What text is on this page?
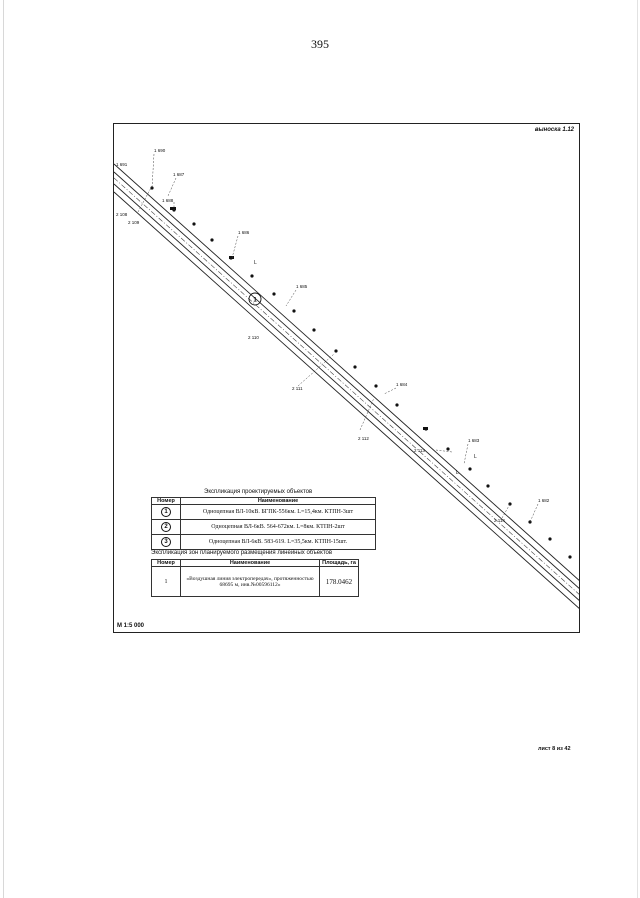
395
1
1 691
1 690
1 687
1 688
2 108
2 109
1 686
1 685
2 110
2 111
1 684
2 112	1 683
2 113
1 682
2 114
L
L
L
выноска 1.12
Экспликация проектируемых объектов
Номер	Наименование
1	Одноцепная ВЛ-10кВ. БГПК-556км. L=15,4км. КТПН-3шт
2	Одноцепная ВЛ-6кВ. 564-672км. L=8км. КТПН-2шт
3	Одноцепная ВЛ-6кВ. 583-619. L=35,5км. КТПН-15шт.
Экспликация зон планируемого размещения линейных объектов
Номер	Наименование	Площадь, га
1	«Воздушная линия электропередач», протяженностью 68695 м, инв.№00596112»	178.0462
М 1:5 000
лист 8 из 42
